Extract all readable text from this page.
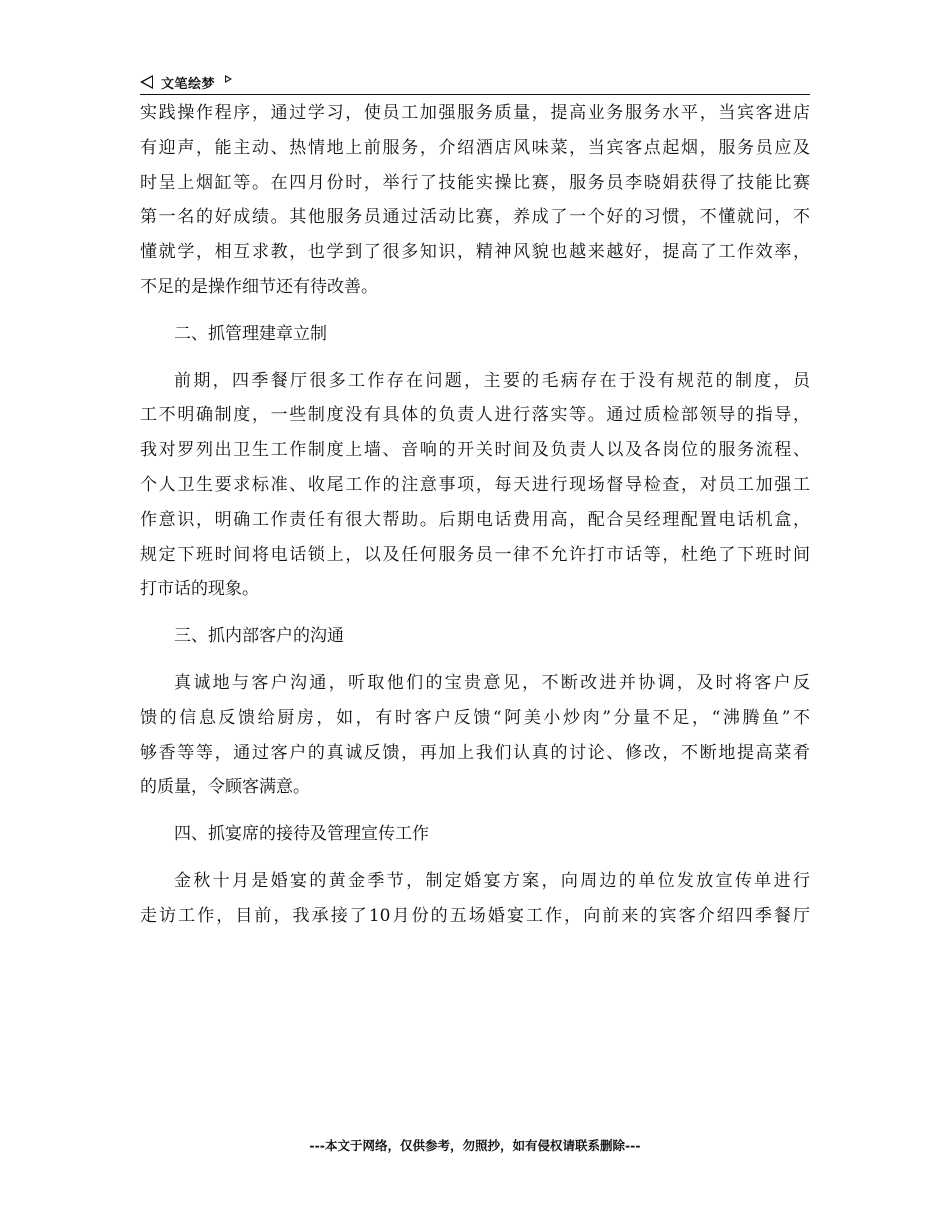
文笔绘梦
实践操作程序，通过学习，使员工加强服务质量，提高业务服务水平，当宾客进店
有迎声，能主动、热情地上前服务，介绍酒店风味菜，当宾客点起烟，服务员应及
时呈上烟缸等。在四月份时，举行了技能实操比赛，服务员李晓娟获得了技能比赛
第一名的好成绩。其他服务员通过活动比赛，养成了一个好的习惯，不懂就问，不
懂就学，相互求教，也学到了很多知识，精神风貌也越来越好，提高了工作效率，
不足的是操作细节还有待改善。
二、抓管理建章立制
前期，四季餐厅很多工作存在问题，主要的毛病存在于没有规范的制度，员
工不明确制度，一些制度没有具体的负责人进行落实等。通过质检部领导的指导，
我对罗列出卫生工作制度上墙、音响的开关时间及负责人以及各岗位的服务流程、
个人卫生要求标准、收尾工作的注意事项，每天进行现场督导检查，对员工加强工
作意识，明确工作责任有很大帮助。后期电话费用高，配合吴经理配置电话机盒，
规定下班时间将电话锁上，以及任何服务员一律不允许打市话等，杜绝了下班时间
打市话的现象。
三、抓内部客户的沟通
真诚地与客户沟通，听取他们的宝贵意见，不断改进并协调，及时将客户反
馈的信息反馈给厨房，如，有时客户反馈“阿美小炒肉”分量不足，“沸腾鱼”不
够香等等，通过客户的真诚反馈，再加上我们认真的讨论、修改，不断地提高菜肴
的质量，令顾客满意。
四、抓宴席的接待及管理宣传工作
金秋十月是婚宴的黄金季节，制定婚宴方案，向周边的单位发放宣传单进行
走访工作，目前，我承接了10月份的五场婚宴工作，向前来的宾客介绍四季餐厅
---本文于网络，仅供参考，勿照抄，如有侵权请联系删除---
